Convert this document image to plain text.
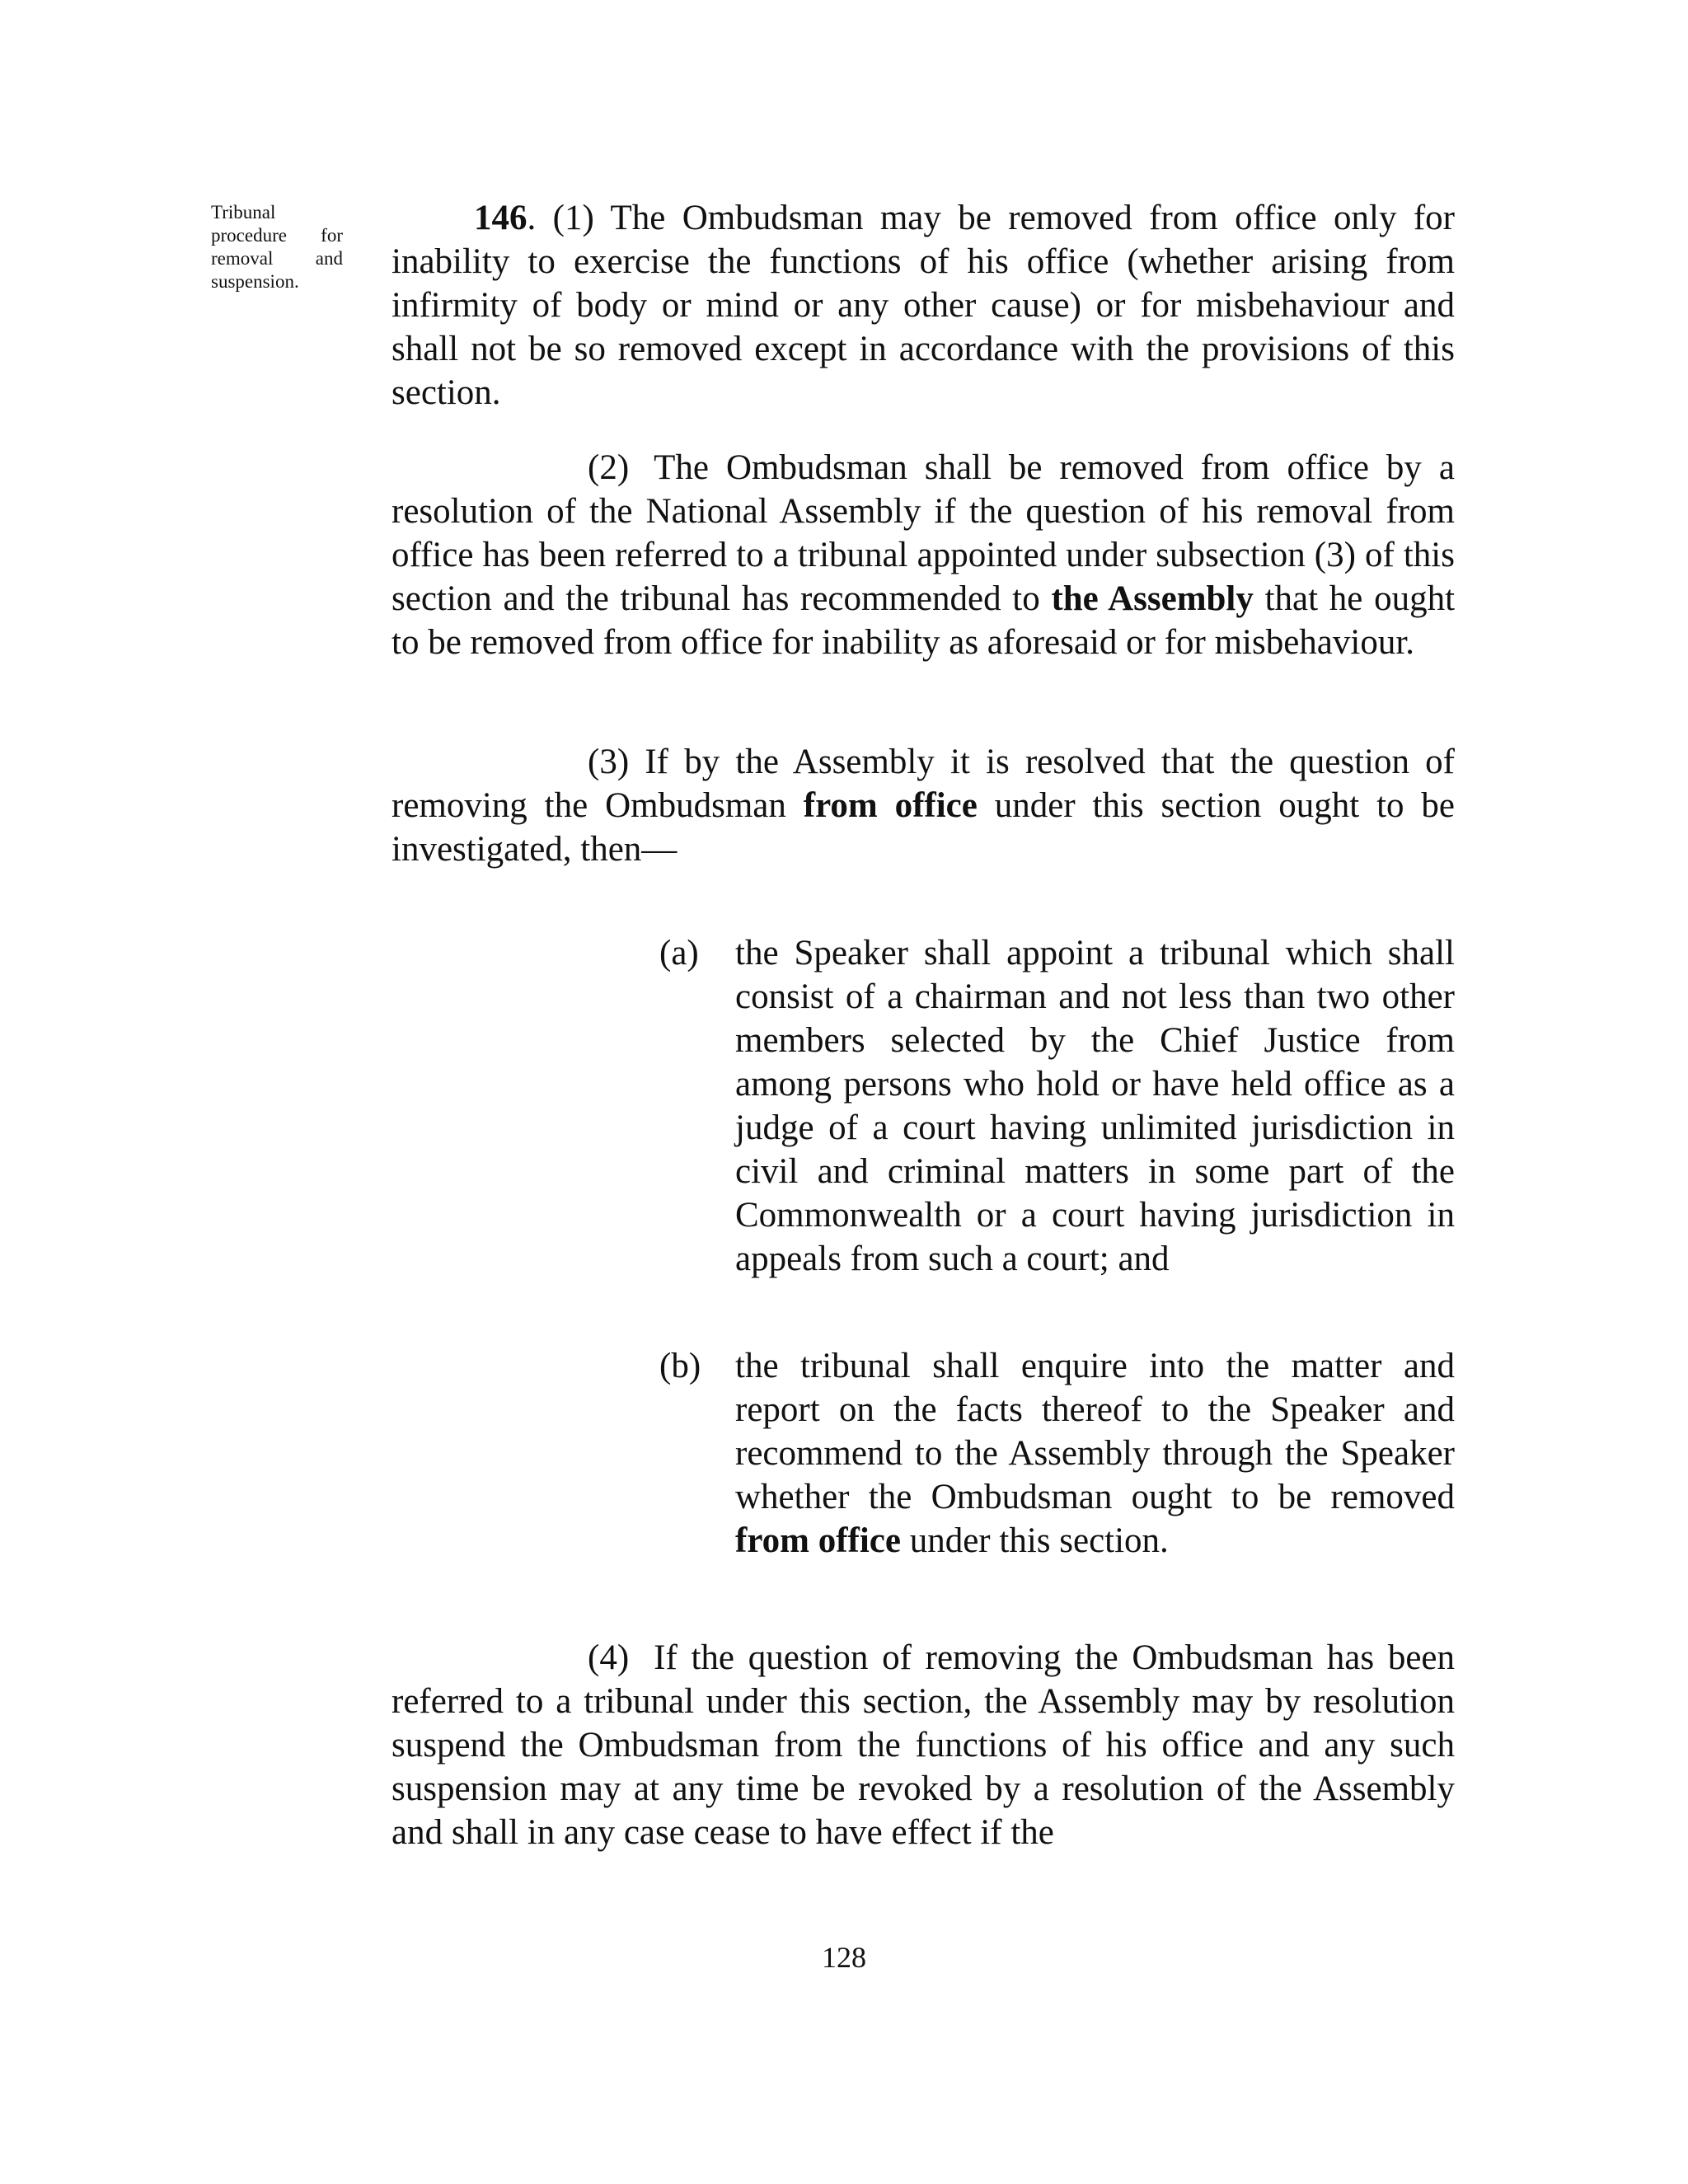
Tribunal procedure for removal and suspension.
146. (1) The Ombudsman may be removed from office only for inability to exercise the functions of his office (whether arising from infirmity of body or mind or any other cause) or for misbehaviour and shall not be so removed except in accordance with the provisions of this section.
(2) The Ombudsman shall be removed from office by a resolution of the National Assembly if the question of his removal from office has been referred to a tribunal appointed under subsection (3) of this section and the tribunal has recommended to the Assembly that he ought to be removed from office for inability as aforesaid or for misbehaviour.
(3) If by the Assembly it is resolved that the question of removing the Ombudsman from office under this section ought to be investigated, then—
(a)	the Speaker shall appoint a tribunal which shall consist of a chairman and not less than two other members selected by the Chief Justice from among persons who hold or have held office as a judge of a court having unlimited jurisdiction in civil and criminal matters in some part of the Commonwealth or a court having jurisdiction in appeals from such a court; and
(b) the tribunal shall enquire into the matter and report on the facts thereof to the Speaker and recommend to the Assembly through the Speaker whether the Ombudsman ought to be removed from office under this section.
(4) If the question of removing the Ombudsman has been referred to a tribunal under this section, the Assembly may by resolution suspend the Ombudsman from the functions of his office and any such suspension may at any time be revoked by a resolution of the Assembly and shall in any case cease to have effect if the
128
